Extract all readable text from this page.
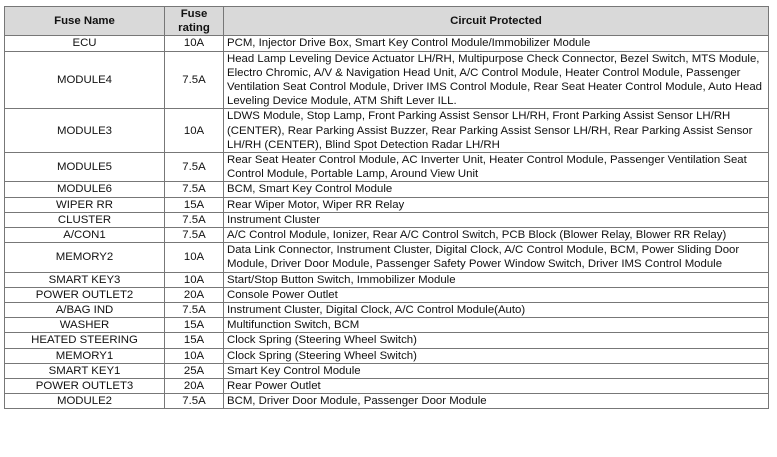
Fuse Name	Fuse rating	Circuit Protected
ECU	10A	PCM, Injector Drive Box, Smart Key Control Module/Immobilizer Module
MODULE4	7.5A	Head Lamp Leveling Device Actuator LH/RH, Multipurpose Check Connector, Bezel Switch, MTS Module, Electro Chromic, A/V & Navigation Head Unit, A/C Control Module, Heater Control Module, Passenger Ventilation Seat Control Module, Driver IMS Control Module, Rear Seat Heater Control Module, Auto Head Leveling Device Module, ATM Shift Lever ILL.
MODULE3	10A	LDWS Module, Stop Lamp, Front Parking Assist Sensor LH/RH, Front Parking Assist Sensor LH/RH (CENTER), Rear Parking Assist Buzzer, Rear Parking Assist Sensor LH/RH, Rear Parking Assist Sensor LH/RH (CENTER), Blind Spot Detection Radar LH/RH
MODULE5	7.5A	Rear Seat Heater Control Module, AC Inverter Unit, Heater Control Module, Passenger Ventilation Seat Control Module, Portable Lamp, Around View Unit
MODULE6	7.5A	BCM, Smart Key Control Module
WIPER RR	15A	Rear Wiper Motor, Wiper RR Relay
CLUSTER	7.5A	Instrument Cluster
A/CON1	7.5A	A/C Control Module, Ionizer, Rear A/C Control Switch, PCB Block (Blower Relay, Blower RR Relay)
MEMORY2	10A	Data Link Connector, Instrument Cluster, Digital Clock, A/C Control Module, BCM, Power Sliding Door Module, Driver Door Module, Passenger Safety Power Window Switch, Driver IMS Control Module
SMART KEY3	10A	Start/Stop Button Switch, Immobilizer Module
POWER OUTLET2	20A	Console Power Outlet
A/BAG IND	7.5A	Instrument Cluster, Digital Clock, A/C Control Module(Auto)
WASHER	15A	Multifunction Switch, BCM
HEATED STEERING	15A	Clock Spring (Steering Wheel Switch)
MEMORY1	10A	Clock Spring (Steering Wheel Switch)
SMART KEY1	25A	Smart Key Control Module
POWER OUTLET3	20A	Rear Power Outlet
MODULE2	7.5A	BCM, Driver Door Module, Passenger Door Module
